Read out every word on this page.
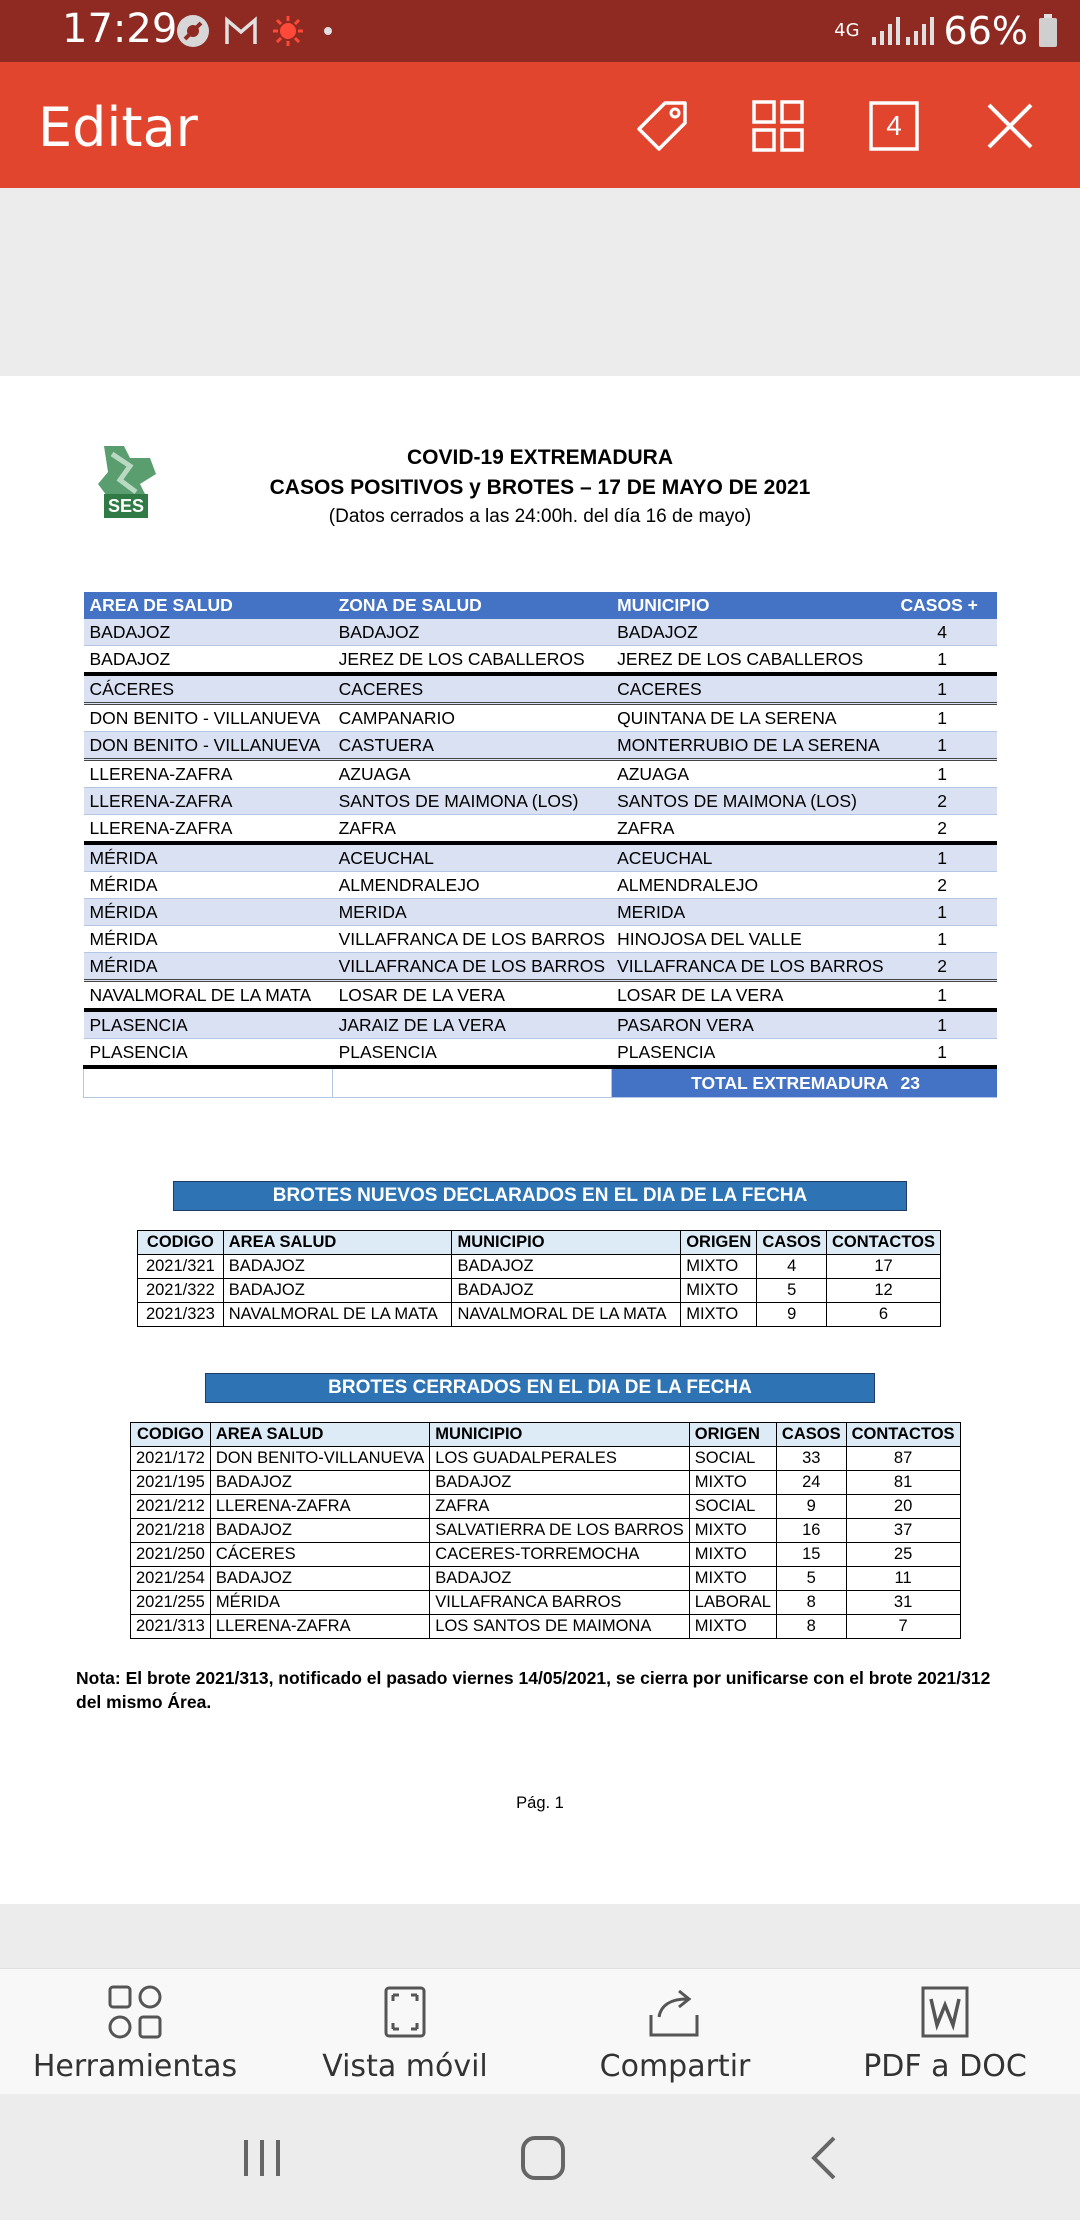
17:29	4G 66%
Editar	4
SES
COVID-19 EXTREMADURA
CASOS POSITIVOS y BROTES – 17 DE MAYO DE 2021
(Datos cerrados a las 24:00h. del día 16 de mayo)
AREA DE SALUD	ZONA DE SALUD	MUNICIPIO	CASOS +
BADAJOZ	BADAJOZ	BADAJOZ	4
BADAJOZ	JEREZ DE LOS CABALLEROS	JEREZ DE LOS CABALLEROS	1
CÁCERES	CACERES	CACERES	1
DON BENITO - VILLANUEVA	CAMPANARIO	QUINTANA DE LA SERENA	1
DON BENITO - VILLANUEVA	CASTUERA	MONTERRUBIO DE LA SERENA	1
LLERENA-ZAFRA	AZUAGA	AZUAGA	1
LLERENA-ZAFRA	SANTOS DE MAIMONA (LOS)	SANTOS DE MAIMONA (LOS)	2
LLERENA-ZAFRA	ZAFRA	ZAFRA	2
MÉRIDA	ACEUCHAL	ACEUCHAL	1
MÉRIDA	ALMENDRALEJO	ALMENDRALEJO	2
MÉRIDA	MERIDA	MERIDA	1
MÉRIDA	VILLAFRANCA DE LOS BARROS	HINOJOSA DEL VALLE	1
MÉRIDA	VILLAFRANCA DE LOS BARROS	VILLAFRANCA DE LOS BARROS	2
NAVALMORAL DE LA MATA	LOSAR DE LA VERA	LOSAR DE LA VERA	1
PLASENCIA	JARAIZ DE LA VERA	PASARON VERA	1
PLASENCIA	PLASENCIA	PLASENCIA	1
		TOTAL EXTREMADURA	23
BROTES NUEVOS DECLARADOS EN EL DIA DE LA FECHA
CODIGO	AREA SALUD	MUNICIPIO	ORIGEN	CASOS	CONTACTOS
2021/321	BADAJOZ	BADAJOZ	MIXTO	4	17
2021/322	BADAJOZ	BADAJOZ	MIXTO	5	12
2021/323	NAVALMORAL DE LA MATA	NAVALMORAL DE LA MATA	MIXTO	9	6
BROTES CERRADOS EN EL DIA DE LA FECHA
CODIGO	AREA SALUD	MUNICIPIO	ORIGEN	CASOS	CONTACTOS
2021/172	DON BENITO-VILLANUEVA	LOS GUADALPERALES	SOCIAL	33	87
2021/195	BADAJOZ	BADAJOZ	MIXTO	24	81
2021/212	LLERENA-ZAFRA	ZAFRA	SOCIAL	9	20
2021/218	BADAJOZ	SALVATIERRA DE LOS BARROS	MIXTO	16	37
2021/250	CÁCERES	CACERES-TORREMOCHA	MIXTO	15	25
2021/254	BADAJOZ	BADAJOZ	MIXTO	5	11
2021/255	MÉRIDA	VILLAFRANCA BARROS	LABORAL	8	31
2021/313	LLERENA-ZAFRA	LOS SANTOS DE MAIMONA	MIXTO	8	7
Nota: El brote 2021/313, notificado el pasado viernes 14/05/2021, se cierra por unificarse con el brote 2021/312 del mismo Área.
Pág. 1
Herramientas	Vista móvil	Compartir	PDF a DOC
